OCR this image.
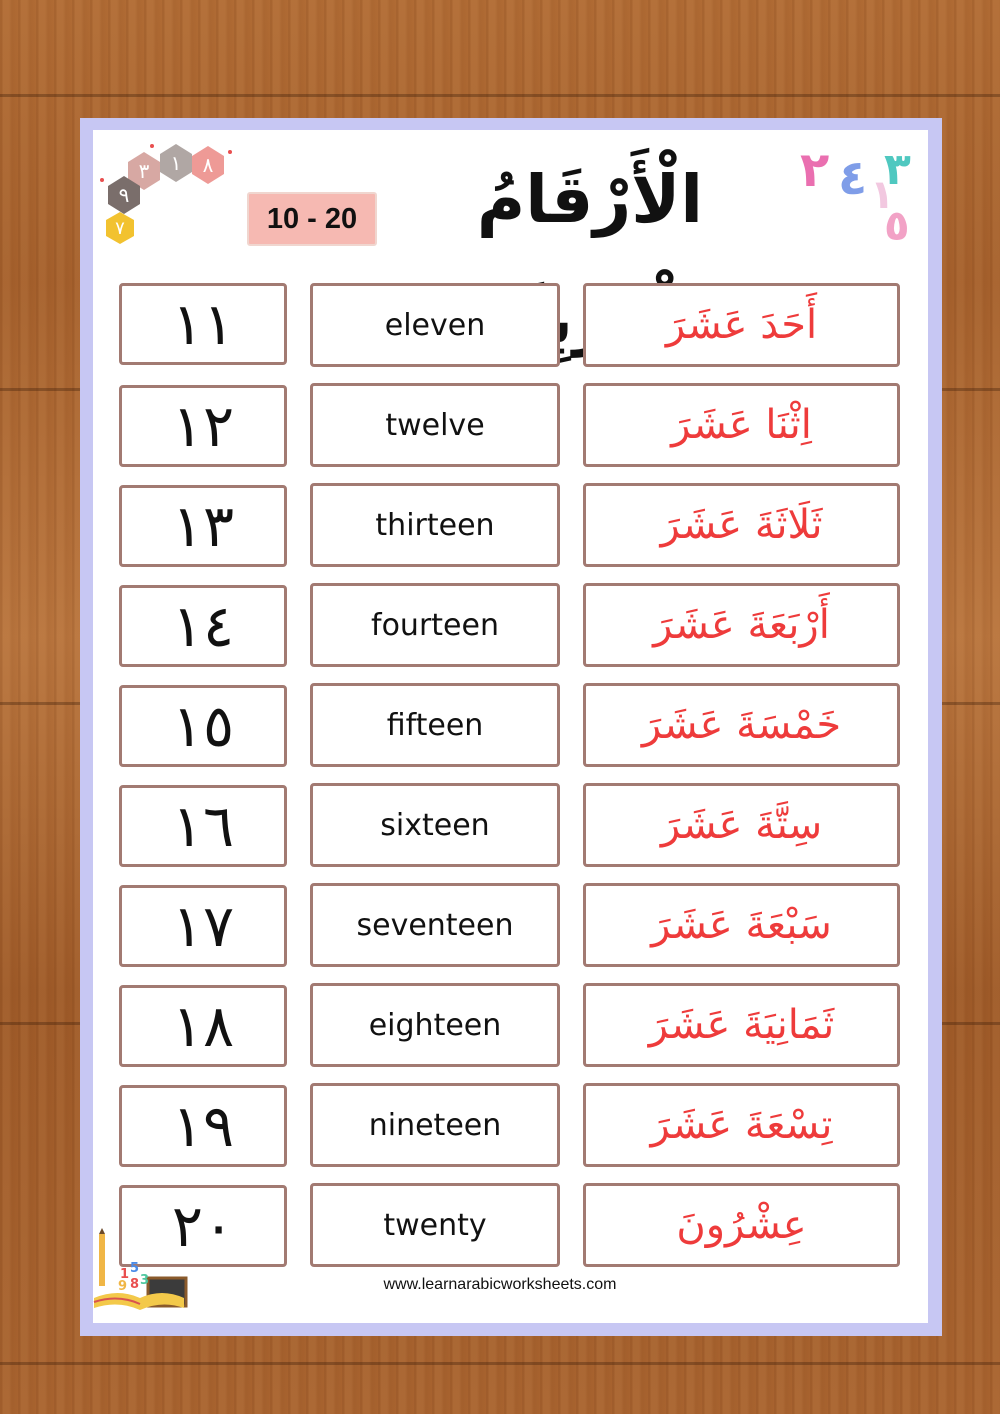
٣ ١ ٨
٩
٧
٢ ٤ ١
٣
٥
الْأَرْقَامُ
10 - 20
١١	eleven	أَحَدَ عَشَرَ
١٢	twelve	اِثْنَا عَشَرَ
١٣	thirteen	ثَلَاثَةَ عَشَرَ
١٤	fourteen	أَرْبَعَةَ عَشَرَ
١٥	fifteen	خَمْسَةَ عَشَرَ
١٦	sixteen	سِتَّةَ عَشَرَ
١٧	seventeen	سَبْعَةَ عَشَرَ
١٨	eighteen	ثَمَانِيَةَ عَشَرَ
١٩	nineteen	تِسْعَةَ عَشَرَ
٢٠	twenty	عِشْرُونَ
1 5
9 8 3	www.learnarabicworksheets.com
